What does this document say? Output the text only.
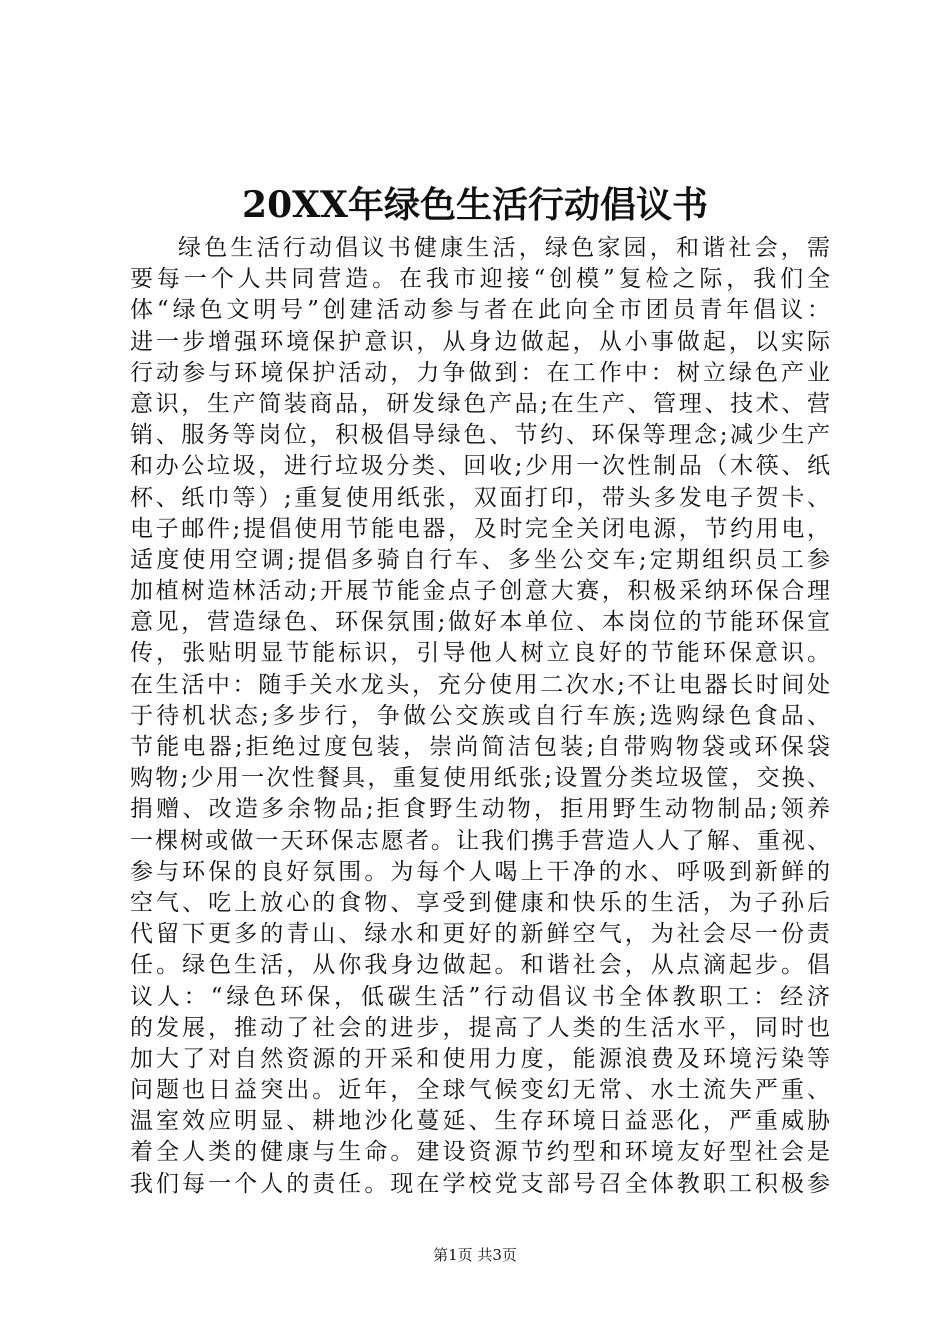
20XX年绿色生活行动倡议书
绿色生活行动倡议书健康生活，绿色家园，和谐社会，需
要每一个人共同营造。在我市迎接“创模”复检之际，我们全
体“绿色文明号”创建活动参与者在此向全市团员青年倡议：
进一步增强环境保护意识，从身边做起，从小事做起，以实际
行动参与环境保护活动，力争做到：在工作中：树立绿色产业
意识，生产简装商品，研发绿色产品;在生产、管理、技术、营
销、服务等岗位，积极倡导绿色、节约、环保等理念;减少生产
和办公垃圾，进行垃圾分类、回收;少用一次性制品（木筷、纸
杯、纸巾等）;重复使用纸张，双面打印，带头多发电子贺卡、
电子邮件;提倡使用节能电器，及时完全关闭电源，节约用电，
适度使用空调;提倡多骑自行车、多坐公交车;定期组织员工参
加植树造林活动;开展节能金点子创意大赛，积极采纳环保合理
意见，营造绿色、环保氛围;做好本单位、本岗位的节能环保宣
传，张贴明显节能标识，引导他人树立良好的节能环保意识。
在生活中：随手关水龙头，充分使用二次水;不让电器长时间处
于待机状态;多步行，争做公交族或自行车族;选购绿色食品、
节能电器;拒绝过度包装，崇尚简洁包装;自带购物袋或环保袋
购物;少用一次性餐具，重复使用纸张;设置分类垃圾筐，交换、
捐赠、改造多余物品;拒食野生动物，拒用野生动物制品;领养
一棵树或做一天环保志愿者。让我们携手营造人人了解、重视、
参与环保的良好氛围。为每个人喝上干净的水、呼吸到新鲜的
空气、吃上放心的食物、享受到健康和快乐的生活，为子孙后
代留下更多的青山、绿水和更好的新鲜空气，为社会尽一份责
任。绿色生活，从你我身边做起。和谐社会，从点滴起步。倡
议人：“绿色环保，低碳生活”行动倡议书全体教职工：经济
的发展，推动了社会的进步，提高了人类的生活水平，同时也
加大了对自然资源的开采和使用力度，能源浪费及环境污染等
问题也日益突出。近年，全球气候变幻无常、水土流失严重、
温室效应明显、耕地沙化蔓延、生存环境日益恶化，严重威胁
着全人类的健康与生命。建设资源节约型和环境友好型社会是
我们每一个人的责任。现在学校党支部号召全体教职工积极参
第1页 共3页
